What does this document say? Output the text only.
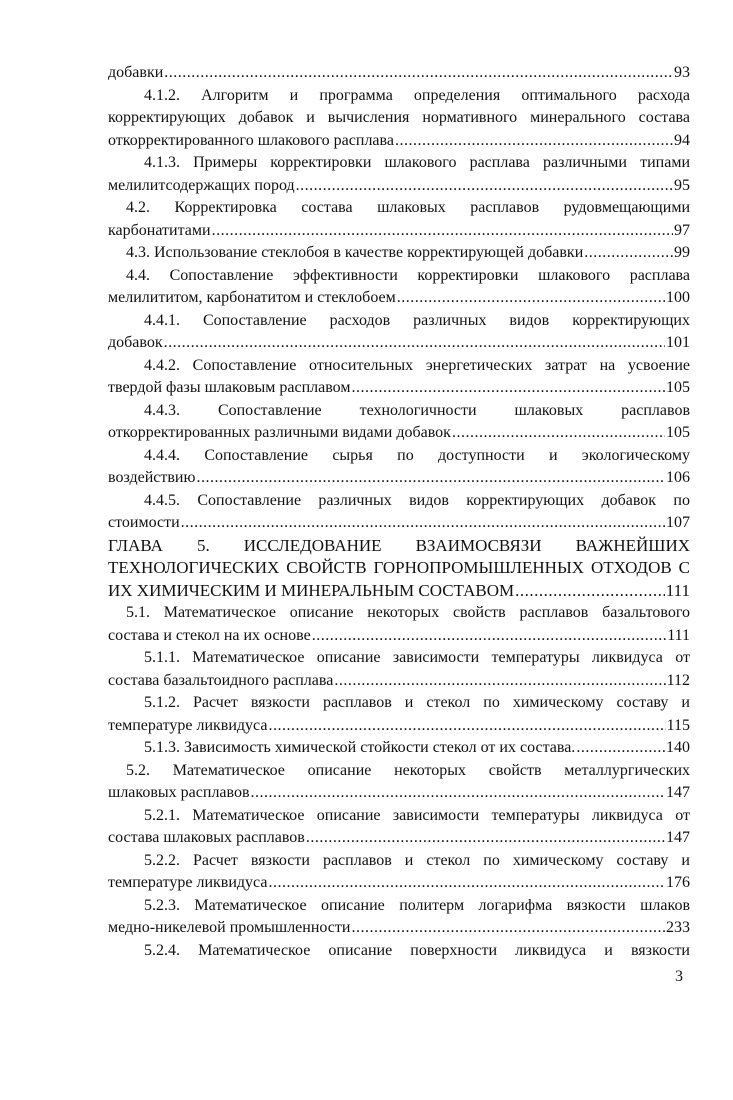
добавки .....	93
4.1.2. Алгоритм и программа определения оптимального расхода
корректирующих добавок и вычисления нормативного минерального состава
откорректированного шлакового расплава .....	94
4.1.3. Примеры корректировки шлакового расплава различными типами
мелилитсодержащих пород .....	95
4.2. Корректировка состава шлаковых расплавов рудовмещающими
карбонатитами .....	97
4.3. Использование стеклобоя в качестве корректирующей добавки .....	99
4.4. Сопоставление эффективности корректировки шлакового расплава
мелилититом, карбонатитом и стеклобоем .....	100
4.4.1. Сопоставление расходов различных видов корректирующих
добавок .....	101
4.4.2. Сопоставление относительных энергетических затрат на усвоение
твердой фазы шлаковым расплавом .....	105
4.4.3. Сопоставление технологичности шлаковых расплавов
откорректированных различными видами добавок .....	105
4.4.4. Сопоставление сырья по доступности и экологическому
воздействию .....	106
4.4.5. Сопоставление различных видов корректирующих добавок по
стоимости .....	107
ГЛАВА 5. ИССЛЕДОВАНИЕ ВЗАИМОСВЯЗИ ВАЖНЕЙШИХ
ТЕХНОЛОГИЧЕСКИХ СВОЙСТВ ГОРНОПРОМЫШЛЕННЫХ ОТХОДОВ С
ИХ ХИМИЧЕСКИМ И МИНЕРАЛЬНЫМ СОСТАВОМ .....	111
5.1. Математическое описание некоторых свойств расплавов базальтового
состава и стекол на их основе .....	111
5.1.1. Математическое описание зависимости температуры ликвидуса от
состава базальтоидного расплава .....	112
5.1.2. Расчет вязкости расплавов и стекол по химическому составу и
температуре ликвидуса .....	115
5.1.3. Зависимость химической стойкости стекол от их состава. .....	140
5.2. Математическое описание некоторых свойств металлургических
шлаковых расплавов .....	147
5.2.1. Математическое описание зависимости температуры ликвидуса от
состава шлаковых расплавов .....	147
5.2.2. Расчет вязкости расплавов и стекол по химическому составу и
температуре ликвидуса .....	176
5.2.3. Математическое описание политерм логарифма вязкости шлаков
медно-никелевой промышленности .....	233
5.2.4. Математическое описание поверхности ликвидуса и вязкости
3
